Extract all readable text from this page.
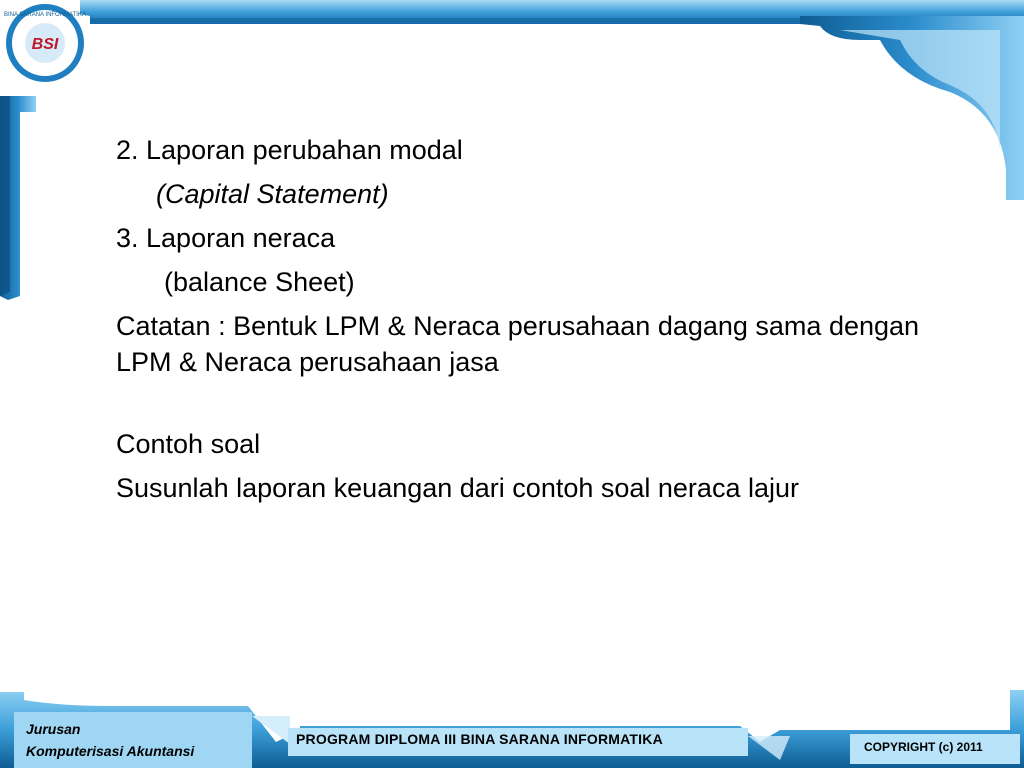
BSI
BINA SARANA INFORMATIKA
2. Laporan perubahan modal
(Capital Statement)
3. Laporan neraca
(balance Sheet)
Catatan : Bentuk LPM & Neraca perusahaan dagang sama dengan LPM & Neraca perusahaan jasa
Contoh soal
Susunlah laporan keuangan dari contoh soal neraca lajur
Jurusan
Komputerisasi Akuntansi
PROGRAM DIPLOMA III BINA SARANA INFORMATIKA	COPYRIGHT (c) 2011
